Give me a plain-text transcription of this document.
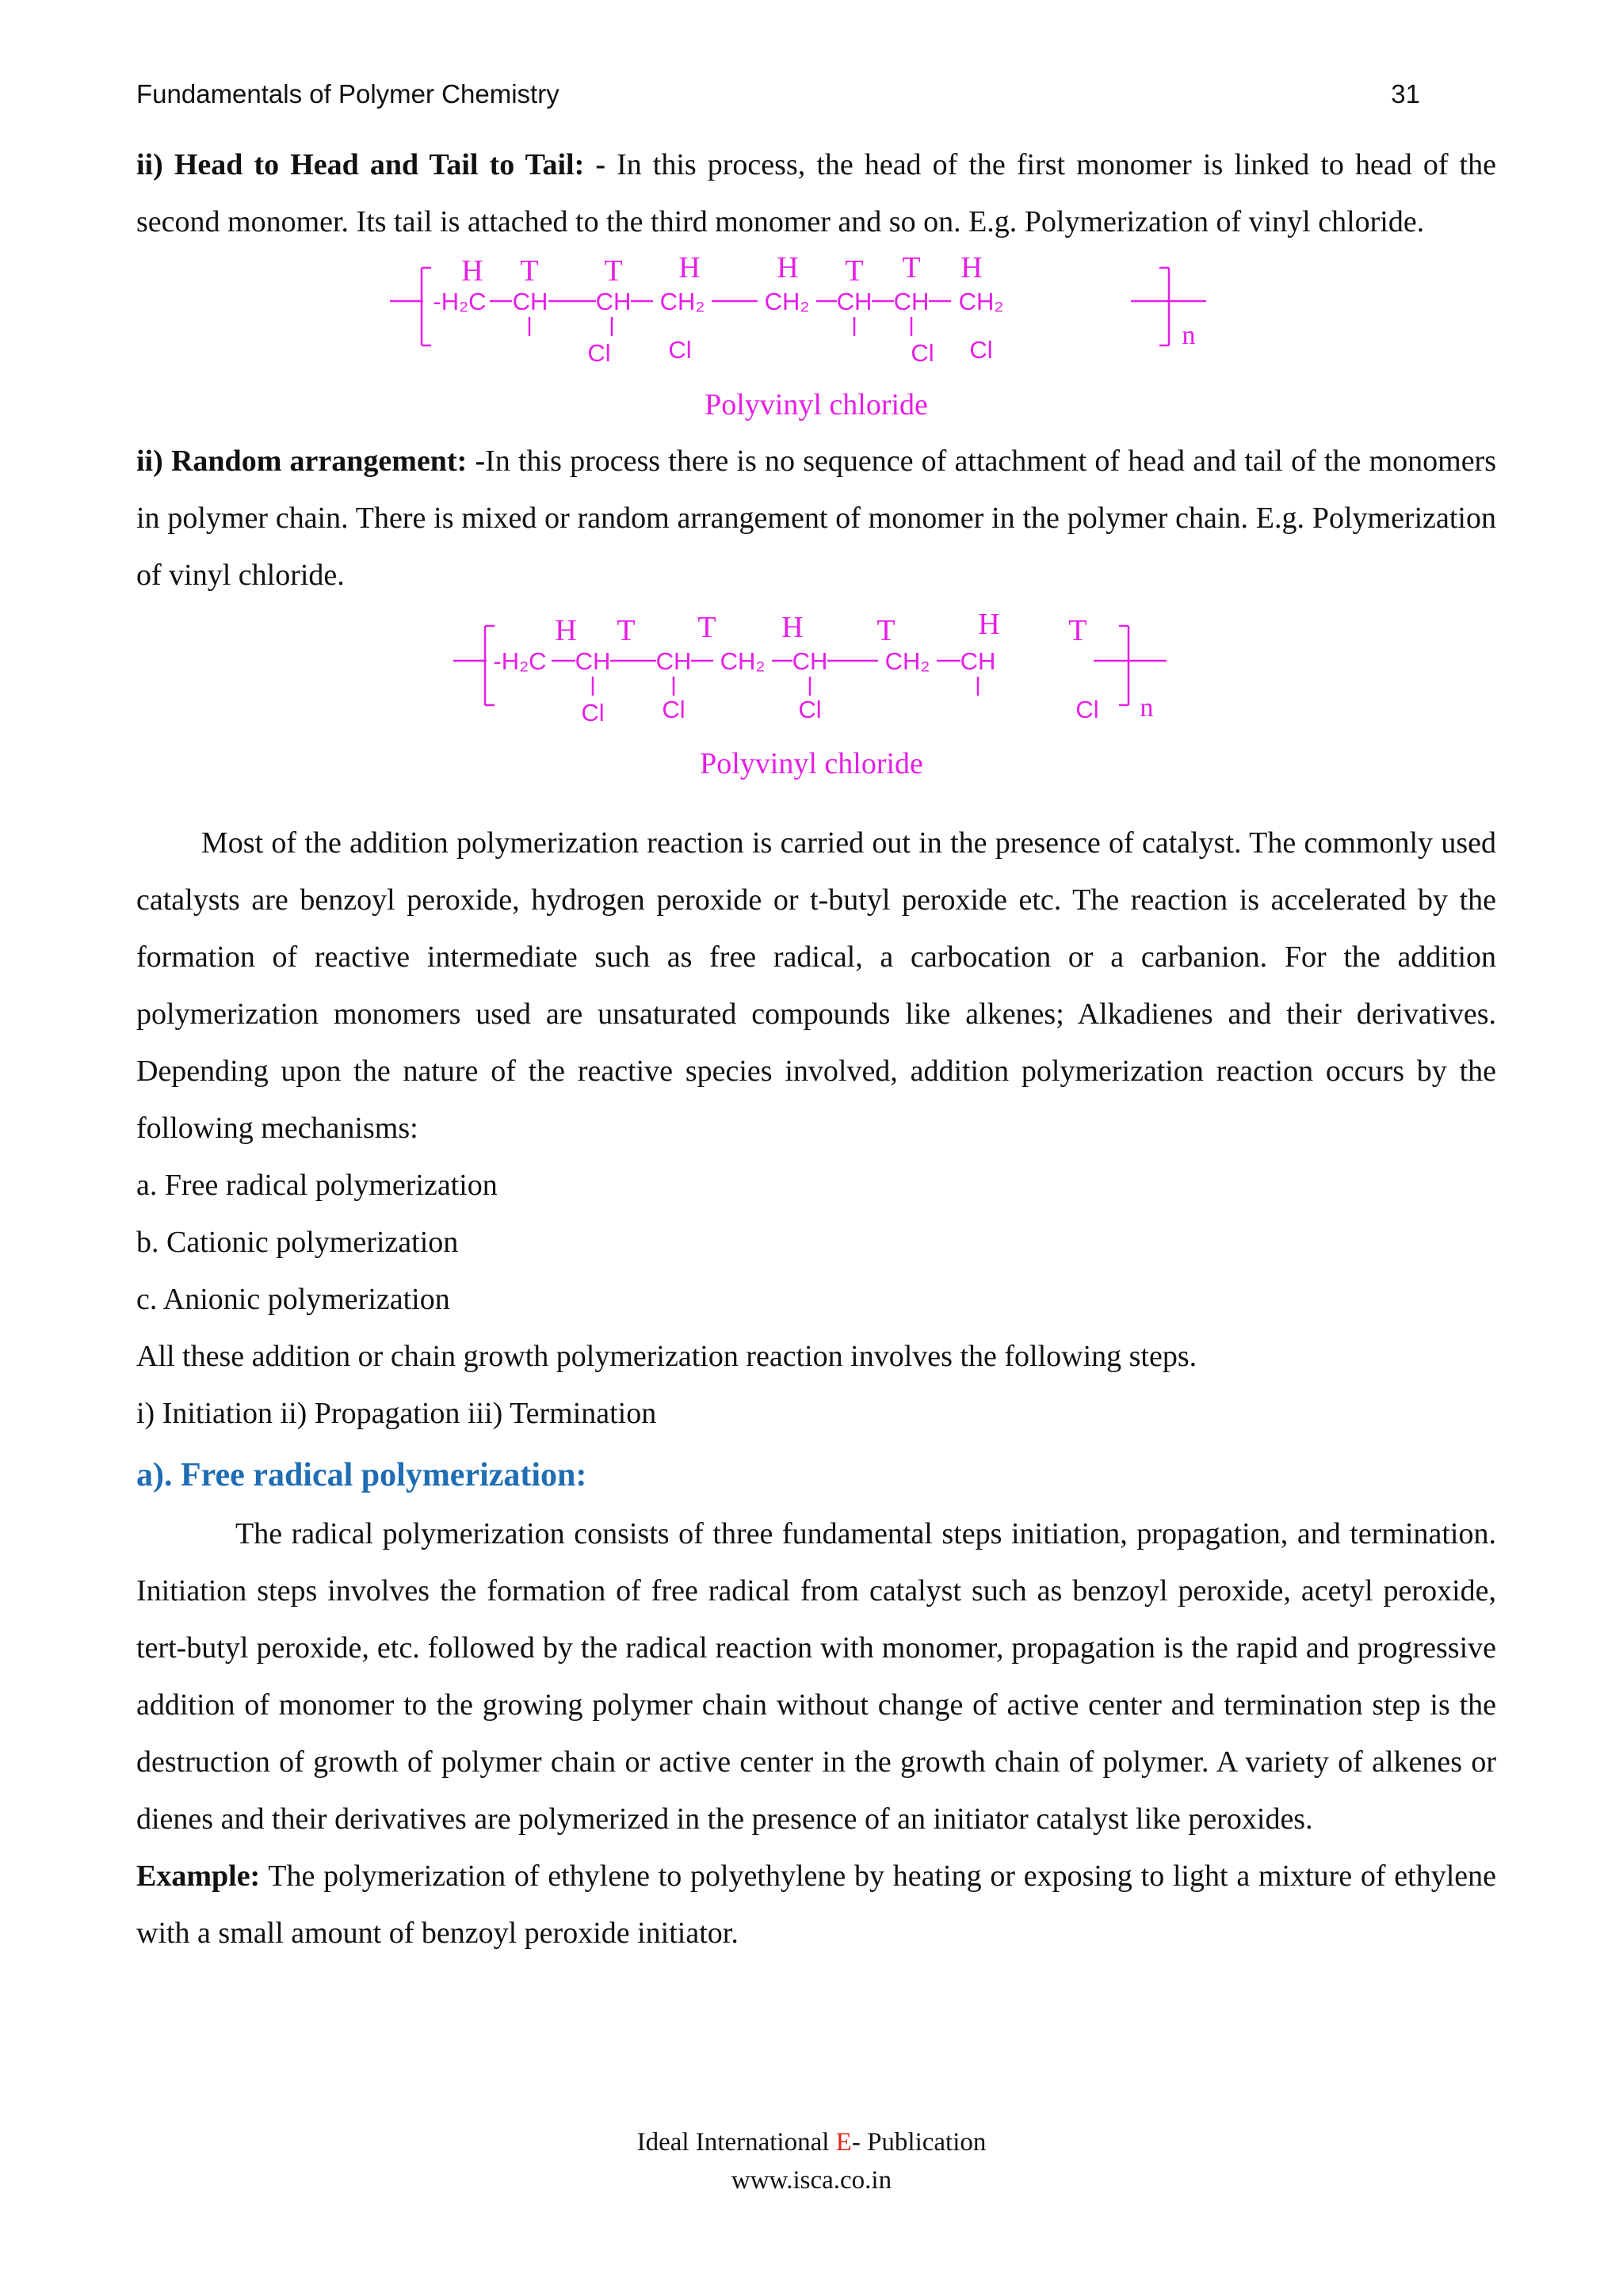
Fundamentals of Polymer Chemistry	31

ii) Head to Head and Tail to Tail: - In this process, the head of the first monomer is linked to head of the second monomer. Its tail is attached to the third monomer and so on. E.g. Polymerization of vinyl chloride.

H T T H	H T T H
-H₂C CH CH CH₂ CH₂ CH CH CH₂
Cl Cl	Cl Cl	n
Polyvinyl chloride

ii) Random arrangement: -In this process there is no sequence of attachment of head and tail of the monomers in polymer chain. There is mixed or random arrangement of monomer in the polymer chain. E.g. Polymerization of vinyl chloride.

H T T H T	H T
-H₂C CH CH CH₂ CH CH₂ CH
Cl Cl	Cl	Cl n
Polyvinyl chloride

Most of the addition polymerization reaction is carried out in the presence of catalyst. The commonly used catalysts are benzoyl peroxide, hydrogen peroxide or t-butyl peroxide etc. The reaction is accelerated by the formation of reactive intermediate such as free radical, a carbocation or a carbanion. For the addition polymerization monomers used are unsaturated compounds like alkenes; Alkadienes and their derivatives. Depending upon the nature of the reactive species involved, addition polymerization reaction occurs by the following mechanisms:

a. Free radical polymerization

b. Cationic polymerization

c. Anionic polymerization

All these addition or chain growth polymerization reaction involves the following steps.

i) Initiation ii) Propagation iii) Termination

a). Free radical polymerization:

The radical polymerization consists of three fundamental steps initiation, propagation, and termination. Initiation steps involves the formation of free radical from catalyst such as benzoyl peroxide, acetyl peroxide, tert-butyl peroxide, etc. followed by the radical reaction with monomer, propagation is the rapid and progressive addition of monomer to the growing polymer chain without change of active center and termination step is the destruction of growth of polymer chain or active center in the growth chain of polymer. A variety of alkenes or dienes and their derivatives are polymerized in the presence of an initiator catalyst like peroxides.

Example: The polymerization of ethylene to polyethylene by heating or exposing to light a mixture of ethylene with a small amount of benzoyl peroxide initiator.

Ideal International E- Publication
www.isca.co.in
